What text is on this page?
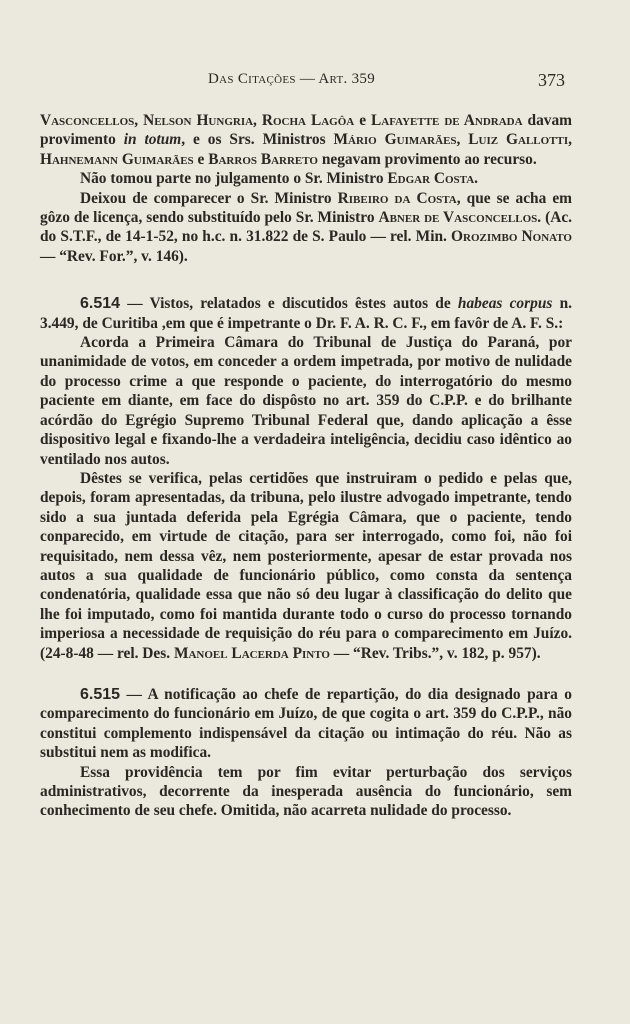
Das Citações — Art. 359	373

Vasconcellos, Nelson Hungria, Rocha Lagôa e Lafayette de Andrada davam provimento in totum, e os Srs. Ministros Mário Guimarães, Luiz Gallotti, Hahnemann Guimarães e Barros Barreto negavam provimento ao recurso.

Não tomou parte no julgamento o Sr. Ministro Edgar Costa.

Deixou de comparecer o Sr. Ministro Ribeiro da Costa, que se acha em gôzo de licença, sendo substituído pelo Sr. Ministro Abner de Vasconcellos. (Ac. do S.T.F., de 14-1-52, no h.c. n. 31.822 de S. Paulo — rel. Min. Orozimbo Nonato — “Rev. For.”, v. 146).

6.514 — Vistos, relatados e discutidos êstes autos de habeas corpus n. 3.449, de Curitiba ,em que é impetrante o Dr. F. A. R. C. F., em favôr de A. F. S.:

Acorda a Primeira Câmara do Tribunal de Justiça do Paraná, por unanimidade de votos, em conceder a ordem impetrada, por motivo de nulidade do processo crime a que responde o paciente, do interrogatório do mesmo paciente em diante, em face do dispôsto no art. 359 do C.P.P. e do brilhante acórdão do Egrégio Supremo Tribunal Federal que, dando aplicação a êsse dispositivo legal e fixando-lhe a verdadeira inteligência, decidiu caso idêntico ao ventilado nos autos.

Dêstes se verifica, pelas certidões que instruiram o pedido e pelas que, depois, foram apresentadas, da tribuna, pelo ilustre advogado impetrante, tendo sido a sua juntada deferida pela Egrégia Câmara, que o paciente, tendo conparecido, em virtude de citação, para ser interrogado, como foi, não foi requisitado, nem dessa vêz, nem posteriormente, apesar de estar provada nos autos a sua qualidade de funcionário público, como consta da sentença condenatória, qualidade essa que não só deu lugar à classificação do delito que lhe foi imputado, como foi mantida durante todo o curso do processo tornando imperiosa a necessidade de requisição do réu para o comparecimento em Juízo. (24-8-48 — rel. Des. Manoel Lacerda Pinto — “Rev. Tribs.”, v. 182, p. 957).

6.515 — A notificação ao chefe de repartição, do dia designado para o comparecimento do funcionário em Juízo, de que cogita o art. 359 do C.P.P., não constitui complemento indispensável da citação ou intimação do réu. Não as substitui nem as modifica.

Essa providência tem por fim evitar perturbação dos serviços administrativos, decorrente da inesperada ausência do funcionário, sem conhecimento de seu chefe. Omitida, não acarreta nulidade do processo.
